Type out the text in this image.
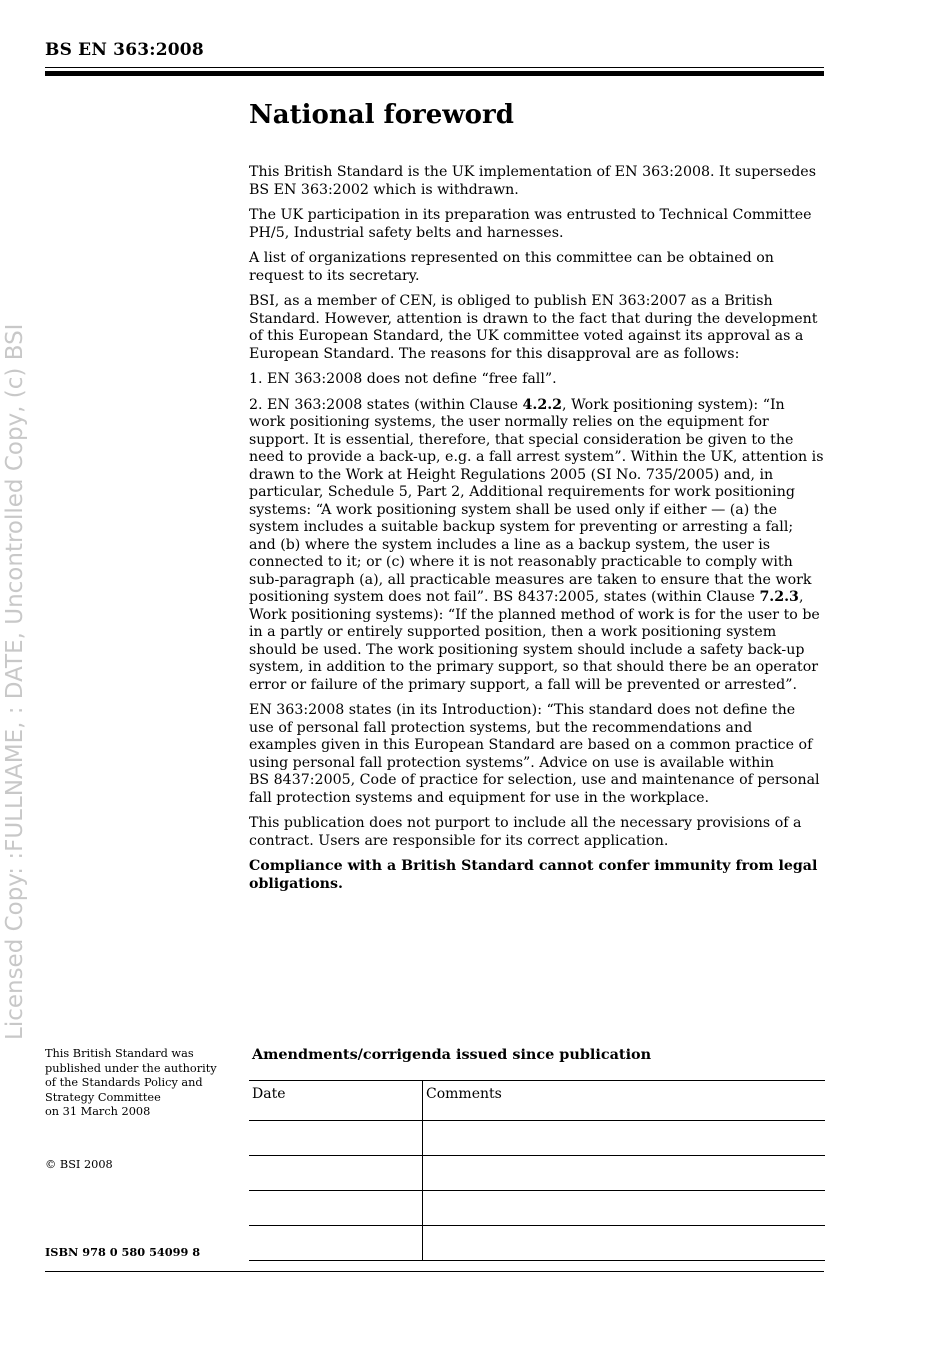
BS EN 363:2008
Licensed Copy: :FULLNAME, : DATE, Uncontrolled Copy, (c) BSI
National foreword

This British Standard is the UK implementation of EN 363:2008. It supersedes BS EN 363:2002 which is withdrawn.

The UK participation in its preparation was entrusted to Technical Committee PH/5, Industrial safety belts and harnesses.

A list of organizations represented on this committee can be obtained on request to its secretary.

BSI, as a member of CEN, is obliged to publish EN 363:2007 as a British Standard. However, attention is drawn to the fact that during the development of this European Standard, the UK committee voted against its approval as a European Standard. The reasons for this disapproval are as follows:

1. EN 363:2008 does not define “free fall”.

2. EN 363:2008 states (within Clause 4.2.2, Work positioning system): “In work positioning systems, the user normally relies on the equipment for support. It is essential, therefore, that special consideration be given to the need to provide a back-up, e.g. a fall arrest system”. Within the UK, attention is drawn to the Work at Height Regulations 2005 (SI No. 735/2005) and, in particular, Schedule 5, Part 2, Additional requirements for work positioning systems: “A work positioning system shall be used only if either — (a) the system includes a suitable backup system for preventing or arresting a fall; and (b) where the system includes a line as a backup system, the user is connected to it; or (c) where it is not reasonably practicable to comply with sub-paragraph (a), all practicable measures are taken to ensure that the work positioning system does not fail”. BS 8437:2005, states (within Clause 7.2.3, Work positioning systems): “If the planned method of work is for the user to be in a partly or entirely supported position, then a work positioning system should be used. The work positioning system should include a safety back-up system, in addition to the primary support, so that should there be an operator error or failure of the primary support, a fall will be prevented or arrested”.

EN 363:2008 states (in its Introduction): “This standard does not define the use of personal fall protection systems, but the recommendations and examples given in this European Standard are based on a common practice of using personal fall protection systems”. Advice on use is available within
BS 8437:2005, Code of practice for selection, use and maintenance of personal fall protection systems and equipment for use in the workplace.

This publication does not purport to include all the necessary provisions of a contract. Users are responsible for its correct application.

Compliance with a British Standard cannot confer immunity from legal obligations.

This British Standard was
published under the authority
of the Standards Policy and
Strategy Committee
on 31 March 2008
© BSI 2008
ISBN 978 0 580 54099 8
Amendments/corrigenda issued since publication
Date	Comments
